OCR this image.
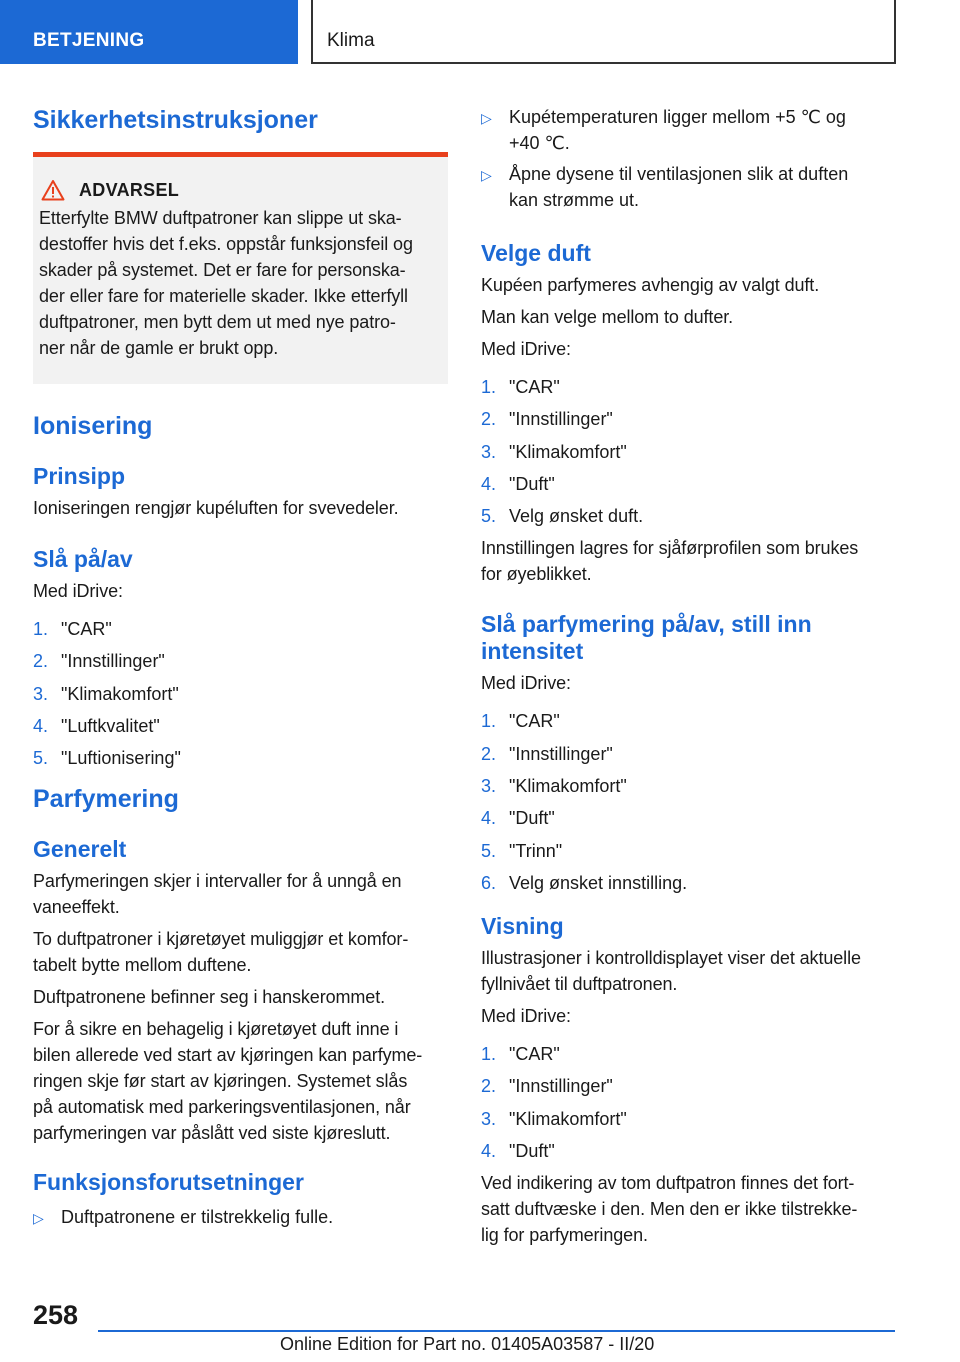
BETJENING	Klima
Sikkerhetsinstruksjoner
ADVARSEL

Etterfylte BMW duftpatroner kan slippe ut ska-

destoffer hvis det f.eks. oppstår funksjonsfeil og

skader på systemet. Det er fare for personska-

der eller fare for materielle skader. Ikke etterfyll

duftpatroner, men bytt dem ut med nye patro-

ner når de gamle er brukt opp.

Ionisering
Prinsipp

Ioniseringen rengjør kupéluften for svevedeler.

Slå på/av

Med iDrive:

1. "CAR"
2. "Innstillinger"
3. "Klimakomfort"
4. "Luftkvalitet"
5. "Luftionisering"
Parfymering
Generelt

Parfymeringen skjer i intervaller for å unngå en

vaneeffekt.

To duftpatroner i kjøretøyet muliggjør et komfor-

tabelt bytte mellom duftene.

Duftpatronene befinner seg i hanskerommet.

For å sikre en behagelig i kjøretøyet duft inne i

bilen allerede ved start av kjøringen kan parfyme-

ringen skje før start av kjøringen. Systemet slås

på automatisk med parkeringsventilasjonen, når

parfymeringen var påslått ved siste kjøreslutt.

Funksjonsforutsetninger
▷ Duftpatronene er tilstrekkelig fulle.
▷ Kupétemperaturen ligger mellom +5 ℃ og
+40 ℃.
▷ Åpne dysene til ventilasjonen slik at duften
kan strømme ut.
Velge duft

Kupéen parfymeres avhengig av valgt duft.

Man kan velge mellom to dufter.

Med iDrive:

1. "CAR"
2. "Innstillinger"
3. "Klimakomfort"
4. "Duft"
5. Velg ønsket duft.

Innstillingen lagres for sjåførprofilen som brukes

for øyeblikket.

Slå parfymering på/av, still inn
intensitet

Med iDrive:

1. "CAR"
2. "Innstillinger"
3. "Klimakomfort"
4. "Duft"
5. "Trinn"
6. Velg ønsket innstilling.
Visning

Illustrasjoner i kontrolldisplayet viser det aktuelle

fyllnivået til duftpatronen.

Med iDrive:

1. "CAR"
2. "Innstillinger"
3. "Klimakomfort"
4. "Duft"

Ved indikering av tom duftpatron finnes det fort-

satt duftvæske i den. Men den er ikke tilstrekke-

lig for parfymeringen.

258
Online Edition for Part no. 01405A03587 - II/20
